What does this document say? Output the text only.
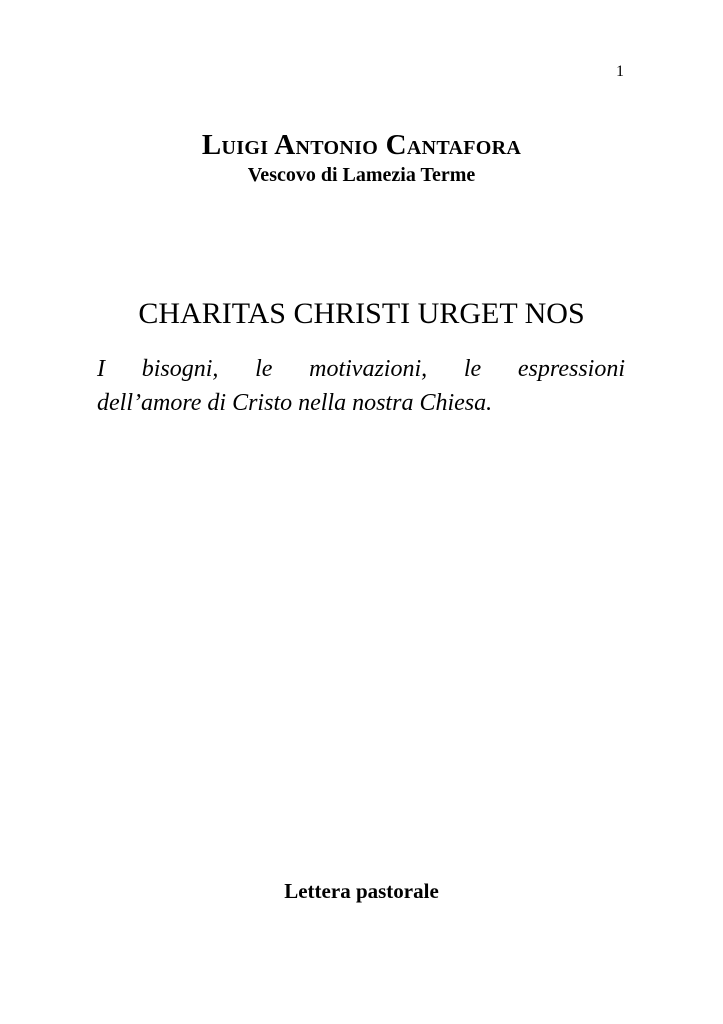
1
Luigi Antonio Cantafora
Vescovo di Lamezia Terme
CHARITAS CHRISTI URGET NOS
I bisogni, le motivazioni, le espressioni
dell’amore di Cristo nella nostra Chiesa.
Lettera pastorale
